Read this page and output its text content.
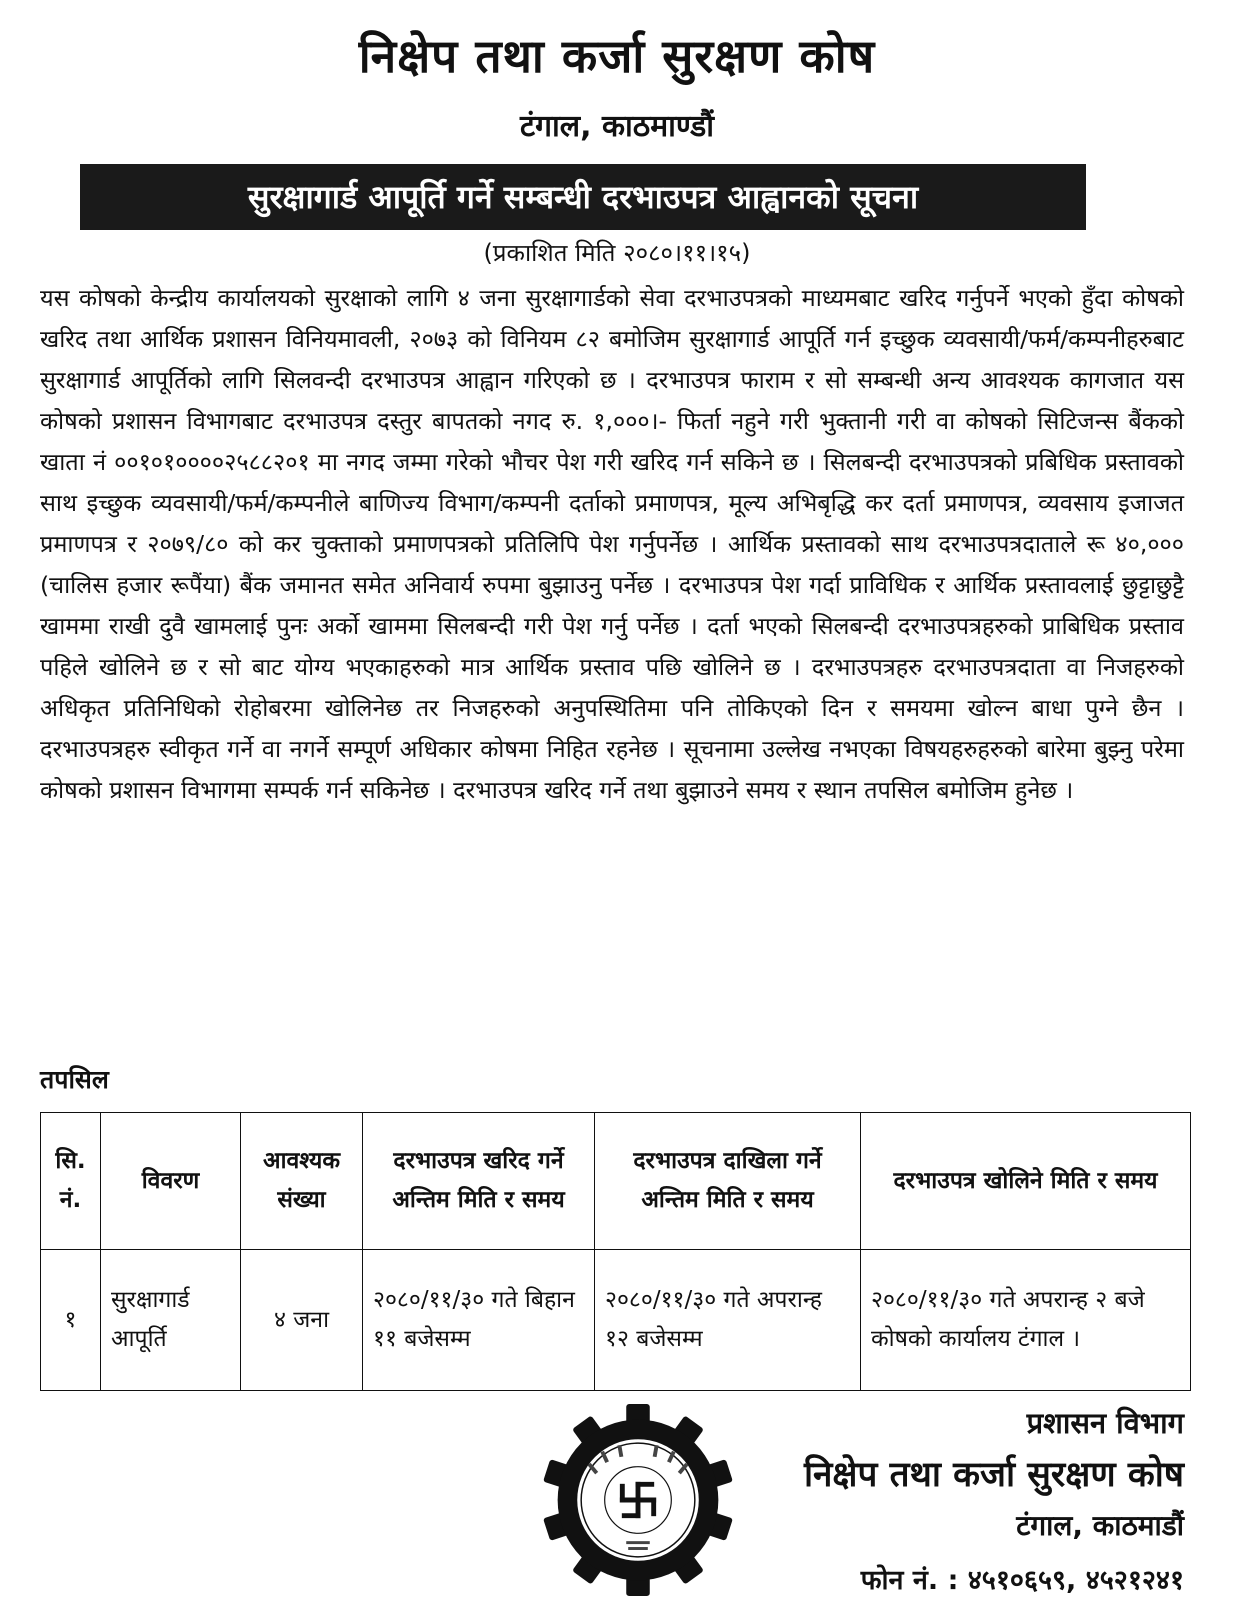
निक्षेप तथा कर्जा सुरक्षण कोष
टंगाल, काठमाण्डौं
सुरक्षागार्ड आपूर्ति गर्ने सम्बन्धी दरभाउपत्र आह्वानको सूचना
(प्रकाशित मिति २०८०।११।१५)

यस कोषको केन्द्रीय कार्यालयको सुरक्षाको लागि ४ जना सुरक्षागार्डको सेवा दरभाउपत्रको माध्यमबाट खरिद गर्नुपर्ने भएको हुँदा कोषको खरिद तथा आर्थिक प्रशासन विनियमावली, २०७३ को विनियम ८२ बमोजिम सुरक्षागार्ड आपूर्ति गर्न इच्छुक व्यवसायी/फर्म/कम्पनीहरुबाट सुरक्षागार्ड आपूर्तिको लागि सिलवन्दी दरभाउपत्र आह्वान गरिएको छ । दरभाउपत्र फाराम र सो सम्बन्धी अन्य आवश्यक कागजात यस कोषको प्रशासन विभागबाट दरभाउपत्र दस्तुर बापतको नगद रु. १,०००।- फिर्ता नहुने गरी भुक्तानी गरी वा कोषको सिटिजन्स बैंकको खाता नं ००१०१००००२५८८२०१ मा नगद जम्मा गरेको भौचर पेश गरी खरिद गर्न सकिने छ । सिलबन्दी दरभाउपत्रको प्रबिधिक प्रस्तावको साथ इच्छुक व्यवसायी/फर्म/कम्पनीले बाणिज्य विभाग/कम्पनी दर्ताको प्रमाणपत्र, मूल्य अभिबृद्धि कर दर्ता प्रमाणपत्र, व्यवसाय इजाजत प्रमाणपत्र र २०७९/८० को कर चुक्ताको प्रमाणपत्रको प्रतिलिपि पेश गर्नुपर्नेछ । आर्थिक प्रस्तावको साथ दरभाउपत्रदाताले रू ४०,००० (चालिस हजार रूपैंया) बैंक जमानत समेत अनिवार्य रुपमा बुझाउनु पर्नेछ । दरभाउपत्र पेश गर्दा प्राविधिक र आर्थिक प्रस्तावलाई छुट्टाछुट्टै खाममा राखी दुवै खामलाई पुनः अर्को खाममा सिलबन्दी गरी पेश गर्नु पर्नेछ । दर्ता भएको सिलबन्दी दरभाउपत्रहरुको प्राबिधिक प्रस्ताव पहिले खोलिने छ र सो बाट योग्य भएकाहरुको मात्र आर्थिक प्रस्ताव पछि खोलिने छ । दरभाउपत्रहरु दरभाउपत्रदाता वा निजहरुको अधिकृत प्रतिनिधिको रोहोबरमा खोलिनेछ तर निजहरुको अनुपस्थितिमा पनि तोकिएको दिन र समयमा खोल्न बाधा पुग्ने छैन । दरभाउपत्रहरु स्वीकृत गर्ने वा नगर्ने सम्पूर्ण अधिकार कोषमा निहित रहनेछ । सूचनामा उल्लेख नभएका विषयहरुहरुको बारेमा बुझ्नु परेमा कोषको प्रशासन विभागमा सम्पर्क गर्न सकिनेछ । दरभाउपत्र खरिद गर्ने तथा बुझाउने समय र स्थान तपसिल बमोजिम हुनेछ ।

तपसिल
सि. नं.	विवरण	आवश्यक संख्या	दरभाउपत्र खरिद गर्ने अन्तिम मिति र समय	दरभाउपत्र दाखिला गर्ने अन्तिम मिति र समय	दरभाउपत्र खोलिने मिति र समय
१	सुरक्षागार्ड आपूर्ति	४ जना	२०८०/११/३० गते बिहान ११ बजेसम्म	२०८०/११/३० गते अपरान्ह १२ बजेसम्म	२०८०/११/३० गते अपरान्ह २ बजे कोषको कार्यालय टंगाल ।
प्रशासन विभाग
निक्षेप तथा कर्जा सुरक्षण कोष
टंगाल, काठमाडौं
फोन नं. : ४५१०६५९, ४५२१२४१
